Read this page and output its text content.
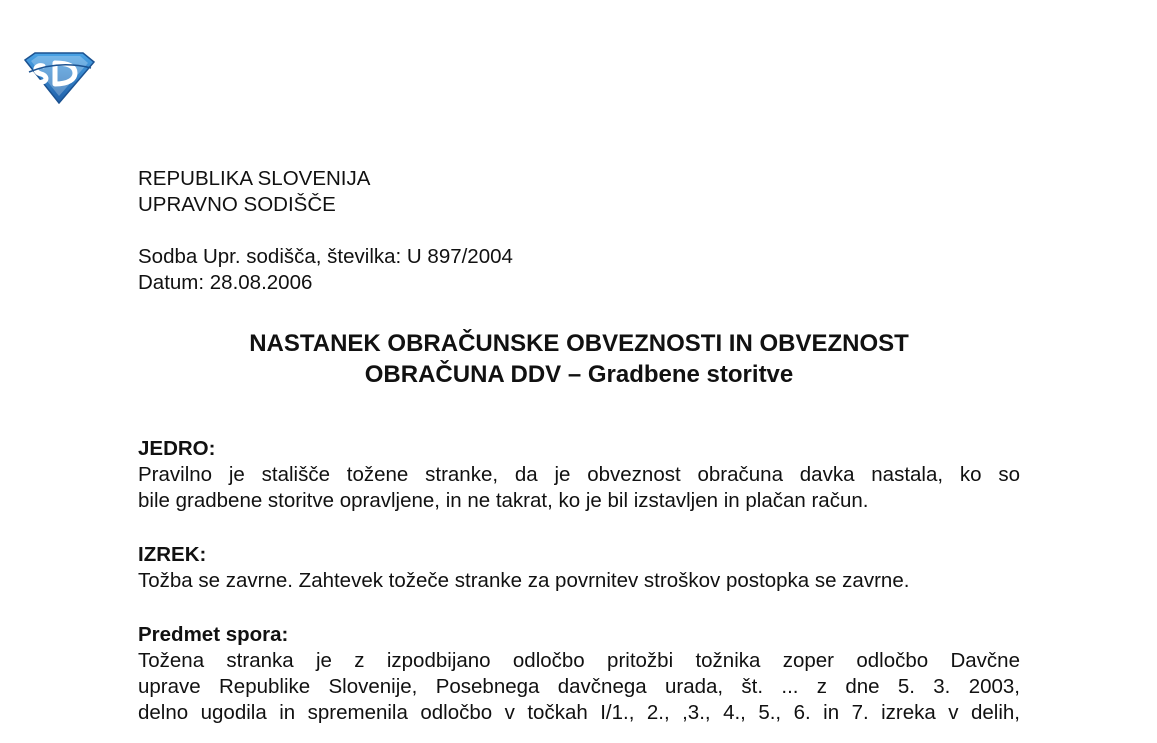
REPUBLIKA SLOVENIJA
UPRAVNO SODIŠČE
Sodba Upr. sodišča, številka: U 897/2004
Datum: 28.08.2006
NASTANEK OBRAČUNSKE OBVEZNOSTI IN OBVEZNOST
OBRAČUNA DDV – Gradbene storitve
JEDRO:
Pravilno je stališče tožene stranke, da je obveznost obračuna davka nastala, ko so
bile gradbene storitve opravljene, in ne takrat, ko je bil izstavljen in plačan račun.
IZREK:
Tožba se zavrne. Zahtevek tožeče stranke za povrnitev stroškov postopka se zavrne.
Predmet spora:
Tožena stranka je z izpodbijano odločbo pritožbi tožnika zoper odločbo Davčne
uprave Republike Slovenije, Posebnega davčnega urada, št. ... z dne 5. 3. 2003,
delno ugodila in spremenila odločbo v točkah I/1., 2., ,3., 4., 5., 6. in 7. izreka v delih,
